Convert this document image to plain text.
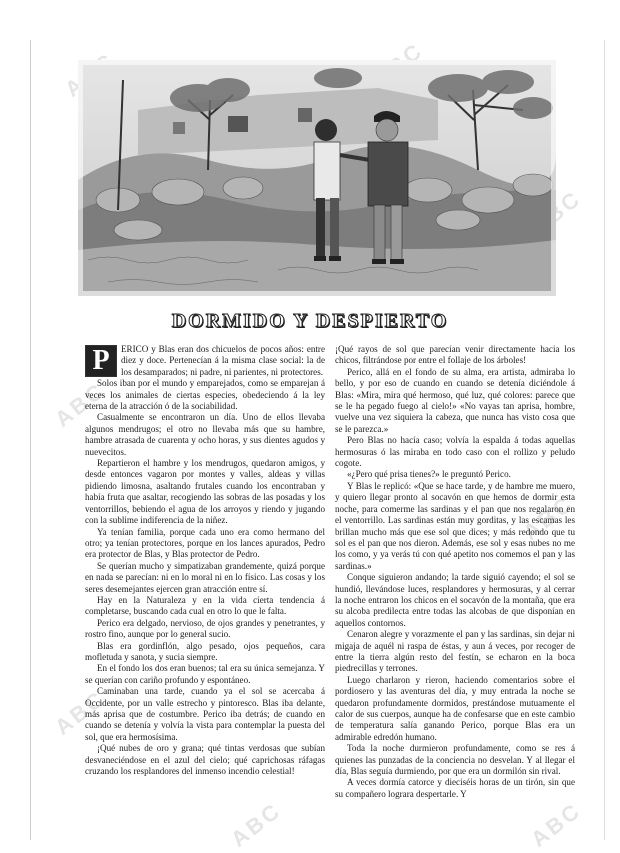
ABC
ABC
ABC
ABC
ABC	ABC
DORMIDO Y DESPIERTO

P	ERICO y Blas eran dos chicuelos de pocos años: entre diez y doce. Pertenecían á la misma clase social: la de los desamparados; ni padre, ni parientes, ni protectores.

Solos iban por el mundo y emparejados, como se emparejan á veces los animales de ciertas especies, obedeciendo á la ley eterna de la atracción ó de la sociabilidad.

Casualmente se encontraron un día. Uno de ellos llevaba algunos mendrugos; el otro no llevaba más que su hambre, hambre atrasada de cuarenta y ocho horas, y sus dientes agudos y nuevecitos.

Repartieron el hambre y los mendrugos, quedaron amigos, y desde entonces vagaron por montes y valles, aldeas y villas pidiendo limosna, asaltando frutales cuando los encontraban y había fruta que asaltar, recogiendo las sobras de las posadas y los ventorrillos, bebiendo el agua de los arroyos y riendo y jugando con la sublime indiferencia de la niñez.

Ya tenían familia, porque cada uno era como hermano del otro; ya tenían protectores, porque en los lances apurados, Pedro era protector de Blas, y Blas protector de Pedro.

Se querían mucho y simpatizaban grandemente, quizá porque en nada se parecían: ni en lo moral ni en lo físico. Las cosas y los seres desemejantes ejercen gran atracción entre sí.

Hay en la Naturaleza y en la vida cierta tendencia á completarse, buscando cada cual en otro lo que le falta.

Perico era delgado, nervioso, de ojos grandes y penetrantes, y rostro fino, aunque por lo general sucio.

Blas era gordinflón, algo pesado, ojos pequeños, cara mofletuda y sanota, y sucia siempre.

En el fondo los dos eran buenos; tal era su única semejanza. Y se querían con cariño profundo y espontáneo.

Caminaban una tarde, cuando ya el sol se acercaba á Occidente, por un valle estrecho y pintoresco. Blas iba delante, más aprisa que de costumbre. Perico iba detrás; de cuando en cuando se detenía y volvía la vista para contemplar la puesta del sol, que era hermosísima.

¡Qué nubes de oro y grana; qué tintas verdosas que subían desvaneciéndose en el azul del cielo; qué caprichosas ráfagas cruzando los resplandores del inmenso incendio celestial!

¡Qué rayos de sol que parecían venir directamente hacia los chicos, filtrándose por entre el follaje de los árboles!

Perico, allá en el fondo de su alma, era artista, admiraba lo bello, y por eso de cuando en cuando se detenía diciéndole á Blas: «Mira, mira qué hermoso, qué luz, qué colores: parece que se le ha pegado fuego al cielo!» «No vayas tan aprisa, hombre, vuelve una vez siquiera la cabeza, que nunca has visto cosa que se le parezca.»

Pero Blas no hacía caso; volvía la espalda á todas aquellas hermosuras ó las miraba en todo caso con el rollizo y peludo cogote.

«¿Pero qué prisa tienes?» le preguntó Perico.

Y Blas le replicó: «Que se hace tarde, y de hambre me muero, y quiero llegar pronto al socavón en que hemos de dormir esta noche, para comerme las sardinas y el pan que nos regalaron en el ventorrillo. Las sardinas están muy gorditas, y las escamas les brillan mucho más que ese sol que dices; y más redondo que tu sol es el pan que nos dieron. Además, ese sol y esas nubes no me los como, y ya verás tú con qué apetito nos comemos el pan y las sardinas.»

Conque siguieron andando; la tarde siguió cayendo; el sol se hundió, llevándose luces, resplandores y hermosuras, y al cerrar la noche entraron los chicos en el socavón de la montaña, que era su alcoba predilecta entre todas las alcobas de que disponían en aquellos contornos.

Cenaron alegre y vorazmente el pan y las sardinas, sin dejar ni migaja de aquél ni raspa de éstas, y aun á veces, por recoger de entre la tierra algún resto del festín, se echaron en la boca piedrecillas y terrones.

Luego charlaron y rieron, haciendo comentarios sobre el pordiosero y las aventuras del día, y muy entrada la noche se quedaron profundamente dormidos, prestándose mutuamente el calor de sus cuerpos, aunque ha de confesarse que en este cambio de temperatura salía ganando Perico, porque Blas era un admirable edredón humano.

Toda la noche durmieron profundamente, como se res á quienes las punzadas de la conciencia no desvelan. Y al llegar el día, Blas seguía durmiendo, por que era un dormilón sin rival.

A veces dormía catorce y dieciséis horas de un tirón, sin que su compañero lograra despertarle. Y
